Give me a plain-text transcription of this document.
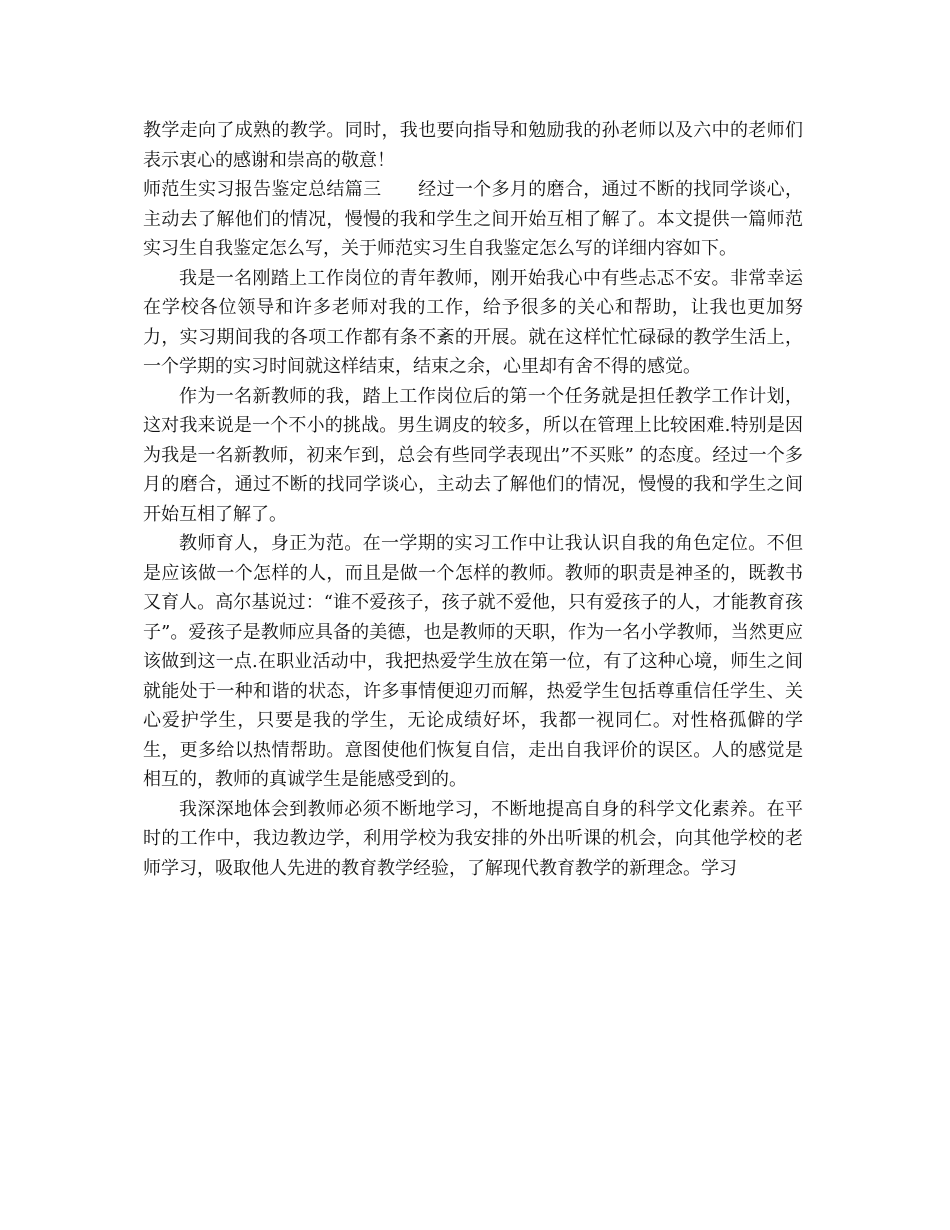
教学走向了成熟的教学。同时，我也要向指导和勉励我的孙老师以及六中的老师们表示衷心的感谢和崇高的敬意！

师范生实习报告鉴定总结篇三　　经过一个多月的磨合，通过不断的找同学谈心，主动去了解他们的情况，慢慢的我和学生之间开始互相了解了。本文提供一篇师范实习生自我鉴定怎么写，关于师范实习生自我鉴定怎么写的详细内容如下。

我是一名刚踏上工作岗位的青年教师，刚开始我心中有些忐忑不安。非常幸运在学校各位领导和许多老师对我的工作，给予很多的关心和帮助，让我也更加努力，实习期间我的各项工作都有条不紊的开展。就在这样忙忙碌碌的教学生活上，一个学期的实习时间就这样结束，结束之余，心里却有舍不得的感觉。

作为一名新教师的我，踏上工作岗位后的第一个任务就是担任教学工作计划，这对我来说是一个不小的挑战。男生调皮的较多，所以在管理上比较困难.特别是因为我是一名新教师，初来乍到，总会有些同学表现出”不买账” 的态度。经过一个多月的磨合，通过不断的找同学谈心，主动去了解他们的情况，慢慢的我和学生之间开始互相了解了。

教师育人，身正为范。在一学期的实习工作中让我认识自我的角色定位。不但是应该做一个怎样的人，而且是做一个怎样的教师。教师的职责是神圣的，既教书又育人。高尔基说过：“谁不爱孩子，孩子就不爱他，只有爱孩子的人，才能教育孩子”。爱孩子是教师应具备的美德，也是教师的天职，作为一名小学教师，当然更应该做到这一点.在职业活动中，我把热爱学生放在第一位，有了这种心境，师生之间就能处于一种和谐的状态，许多事情便迎刃而解，热爱学生包括尊重信任学生、关心爱护学生，只要是我的学生，无论成绩好坏，我都一视同仁。对性格孤僻的学生，更多给以热情帮助。意图使他们恢复自信，走出自我评价的误区。人的感觉是相互的，教师的真诚学生是能感受到的。

我深深地体会到教师必须不断地学习，不断地提高自身的科学文化素养。在平时的工作中，我边教边学，利用学校为我安排的外出听课的机会，向其他学校的老师学习，吸取他人先进的教育教学经验，了解现代教育教学的新理念。学习
